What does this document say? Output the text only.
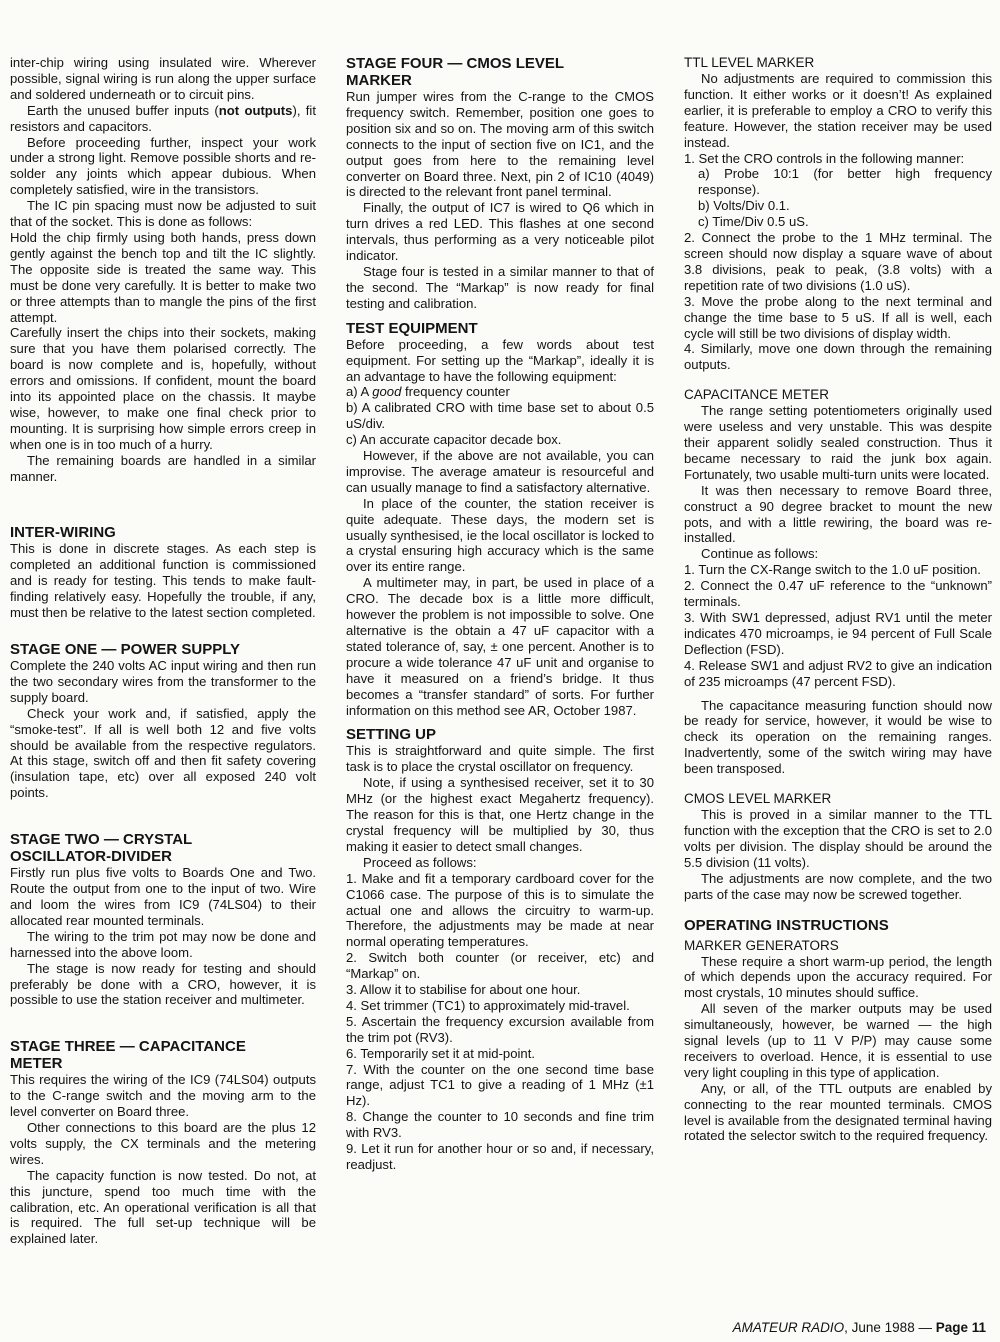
inter-chip wiring using insulated wire. Wherever possible, signal wiring is run along the upper surface and soldered underneath or to circuit pins.

Earth the unused buffer inputs (not outputs), fit resistors and capacitors.

Before proceeding further, inspect your work under a strong light. Remove possible shorts and re-solder any joints which appear dubious. When completely satisfied, wire in the transistors.

The IC pin spacing must now be adjusted to suit that of the socket. This is done as follows:

Hold the chip firmly using both hands, press down gently against the bench top and tilt the IC slightly. The opposite side is treated the same way. This must be done very carefully. It is better to make two or three attempts than to mangle the pins of the first attempt.

Carefully insert the chips into their sockets, making sure that you have them polarised correctly. The board is now complete and is, hopefully, without errors and omissions. If confident, mount the board into its appointed place on the chassis. It maybe wise, however, to make one final check prior to mounting. It is surprising how simple errors creep in when one is in too much of a hurry.

The remaining boards are handled in a similar manner.

INTER-WIRING

This is done in discrete stages. As each step is completed an additional function is commissioned and is ready for testing. This tends to make fault-finding relatively easy. Hopefully the trouble, if any, must then be relative to the latest section completed.

STAGE ONE — POWER SUPPLY

Complete the 240 volts AC input wiring and then run the two secondary wires from the transformer to the supply board.

Check your work and, if satisfied, apply the “smoke-test”. If all is well both 12 and five volts should be available from the respective regulators. At this stage, switch off and then fit safety covering (insulation tape, etc) over all exposed 240 volt points.

STAGE TWO — CRYSTAL
OSCILLATOR-DIVIDER

Firstly run plus five volts to Boards One and Two. Route the output from one to the input of two. Wire and loom the wires from IC9 (74LS04) to their allocated rear mounted terminals.

The wiring to the trim pot may now be done and harnessed into the above loom.

The stage is now ready for testing and should preferably be done with a CRO, however, it is possible to use the station receiver and multimeter.

STAGE THREE — CAPACITANCE
METER

This requires the wiring of the IC9 (74LS04) outputs to the C-range switch and the moving arm to the level converter on Board three.

Other connections to this board are the plus 12 volts supply, the CX terminals and the metering wires.

The capacity function is now tested. Do not, at this juncture, spend too much time with the calibration, etc. An operational verification is all that is required. The full set-up technique will be explained later.

STAGE FOUR — CMOS LEVEL
MARKER

Run jumper wires from the C-range to the CMOS frequency switch. Remember, position one goes to position six and so on. The moving arm of this switch connects to the input of section five on IC1, and the output goes from here to the remaining level converter on Board three. Next, pin 2 of IC10 (4049) is directed to the relevant front panel terminal.

Finally, the output of IC7 is wired to Q6 which in turn drives a red LED. This flashes at one second intervals, thus performing as a very noticeable pilot indicator.

Stage four is tested in a similar manner to that of the second. The “Markap” is now ready for final testing and calibration.

TEST EQUIPMENT

Before proceeding, a few words about test equipment. For setting up the “Markap”, ideally it is an advantage to have the following equipment:

a) A good frequency counter

b) A calibrated CRO with time base set to about 0.5 uS/div.

c) An accurate capacitor decade box.

However, if the above are not available, you can improvise. The average amateur is resourceful and can usually manage to find a satisfactory alternative.

In place of the counter, the station receiver is quite adequate. These days, the modern set is usually synthesised, ie the local oscillator is locked to a crystal ensuring high accuracy which is the same over its entire range.

A multimeter may, in part, be used in place of a CRO. The decade box is a little more difficult, however the problem is not impossible to solve. One alternative is the obtain a 47 uF capacitor with a stated tolerance of, say, ± one percent. Another is to procure a wide tolerance 47 uF unit and organise to have it measured on a friend’s bridge. It thus becomes a “transfer standard” of sorts. For further information on this method see AR, October 1987.

SETTING UP

This is straightforward and quite simple. The first task is to place the crystal oscillator on frequency.

Note, if using a synthesised receiver, set it to 30 MHz (or the highest exact Megahertz frequency). The reason for this is that, one Hertz change in the crystal frequency will be multiplied by 30, thus making it easier to detect small changes.

Proceed as follows:

1. Make and fit a temporary cardboard cover for the C1066 case. The purpose of this is to simulate the actual one and allows the circuitry to warm-up. Therefore, the adjustments may be made at near normal operating temperatures.

2. Switch both counter (or receiver, etc) and “Markap” on.

3. Allow it to stabilise for about one hour.

4. Set trimmer (TC1) to approximately mid-travel.

5. Ascertain the frequency excursion available from the trim pot (RV3).

6. Temporarily set it at mid-point.

7. With the counter on the one second time base range, adjust TC1 to give a reading of 1 MHz (±1 Hz).

8. Change the counter to 10 seconds and fine trim with RV3.

9. Let it run for another hour or so and, if necessary, readjust.

TTL LEVEL MARKER

No adjustments are required to commission this function. It either works or it doesn’t! As explained earlier, it is preferable to employ a CRO to verify this feature. However, the station receiver may be used instead.

1. Set the CRO controls in the following manner:

a) Probe 10:1 (for better high frequency response).

b) Volts/Div 0.1.

c) Time/Div 0.5 uS.

2. Connect the probe to the 1 MHz terminal. The screen should now display a square wave of about 3.8 divisions, peak to peak, (3.8 volts) with a repetition rate of two divisions (1.0 uS).

3. Move the probe along to the next terminal and change the time base to 5 uS. If all is well, each cycle will still be two divisions of display width.

4. Similarly, move one down through the remaining outputs.

CAPACITANCE METER

The range setting potentiometers originally used were useless and very unstable. This was despite their apparent solidly sealed construction. Thus it became necessary to raid the junk box again. Fortunately, two usable multi-turn units were located.

It was then necessary to remove Board three, construct a 90 degree bracket to mount the new pots, and with a little rewiring, the board was re-installed.

Continue as follows:

1. Turn the CX-Range switch to the 1.0 uF position.

2. Connect the 0.47 uF reference to the “unknown” terminals.

3. With SW1 depressed, adjust RV1 until the meter indicates 470 microamps, ie 94 percent of Full Scale Deflection (FSD).

4. Release SW1 and adjust RV2 to give an indication of 235 microamps (47 percent FSD).

The capacitance measuring function should now be ready for service, however, it would be wise to check its operation on the remaining ranges. Inadvertently, some of the switch wiring may have been transposed.

CMOS LEVEL MARKER

This is proved in a similar manner to the TTL function with the exception that the CRO is set to 2.0 volts per division. The display should be around the 5.5 division (11 volts).

The adjustments are now complete, and the two parts of the case may now be screwed together.

OPERATING INSTRUCTIONS
MARKER GENERATORS

These require a short warm-up period, the length of which depends upon the accuracy required. For most crystals, 10 minutes should suffice.

All seven of the marker outputs may be used simultaneously, however, be warned — the high signal levels (up to 11 V P/P) may cause some receivers to overload. Hence, it is essential to use very light coupling in this type of application.

Any, or all, of the TTL outputs are enabled by connecting to the rear mounted terminals. CMOS level is available from the designated terminal having rotated the selector switch to the required frequency.

AMATEUR RADIO, June 1988 — Page 11
